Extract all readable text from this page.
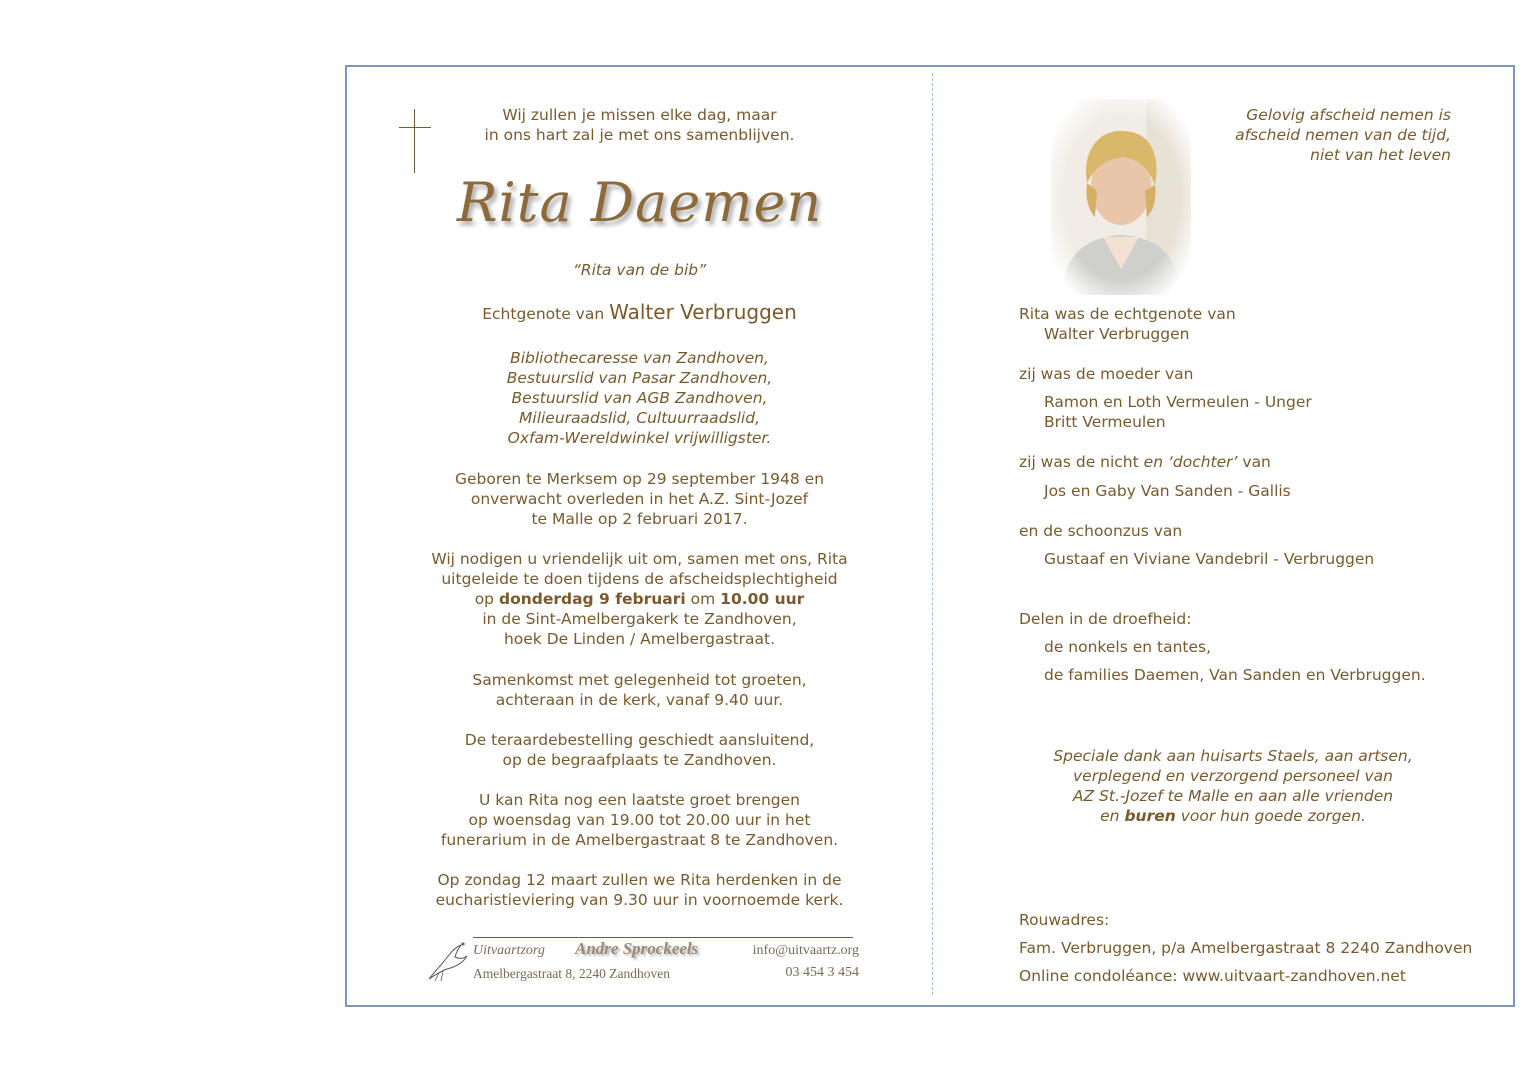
Wij zullen je missen elke dag, maar
in ons hart zal je met ons samenblijven.
Rita Daemen
“Rita van de bib”
Echtgenote van Walter Verbruggen
Bibliothecaresse van Zandhoven,
Bestuurslid van Pasar Zandhoven,
Bestuurslid van AGB Zandhoven,
Milieuraadslid, Cultuurraadslid,
Oxfam-Wereldwinkel vrijwilligster.
Geboren te Merksem op 29 september 1948 en
onverwacht overleden in het A.Z. Sint-Jozef
te Malle op 2 februari 2017.
Wij nodigen u vriendelijk uit om, samen met ons, Rita
uitgeleide te doen tijdens de afscheidsplechtigheid
op donderdag 9 februari om 10.00 uur
in de Sint-Amelbergakerk te Zandhoven,
hoek De Linden / Amelbergastraat.
Samenkomst met gelegenheid tot groeten,
achteraan in de kerk, vanaf 9.40 uur.
De teraardebestelling geschiedt aansluitend,
op de begraafplaats te Zandhoven.
U kan Rita nog een laatste groet brengen
op woensdag van 19.00 tot 20.00 uur in het
funerarium in de Amelbergastraat 8 te Zandhoven.
Op zondag 12 maart zullen we Rita herdenken in de
eucharistieviering van 9.30 uur in voornoemde kerk.
Uitvaartzorg Andre Sprockeels	info@uitvaartz.org
Amelbergastraat 8, 2240 Zandhoven	03 454 3 454
Gelovig afscheid nemen is
afscheid nemen van de tijd,
niet van het leven
Rita was de echtgenote van
Walter Verbruggen
zij was de moeder van
Ramon en Loth Vermeulen - Unger
Britt Vermeulen
zij was de nicht en ‘dochter’ van
Jos en Gaby Van Sanden - Gallis
en de schoonzus van
Gustaaf en Viviane Vandebril - Verbruggen
Delen in de droefheid:
de nonkels en tantes,
de families Daemen, Van Sanden en Verbruggen.
Speciale dank aan huisarts Staels, aan artsen,
verplegend en verzorgend personeel van
AZ St.-Jozef te Malle en aan alle vrienden
en buren voor hun goede zorgen.
Rouwadres:
Fam. Verbruggen, p/a Amelbergastraat 8 2240 Zandhoven
Online condoléance: www.uitvaart-zandhoven.net
